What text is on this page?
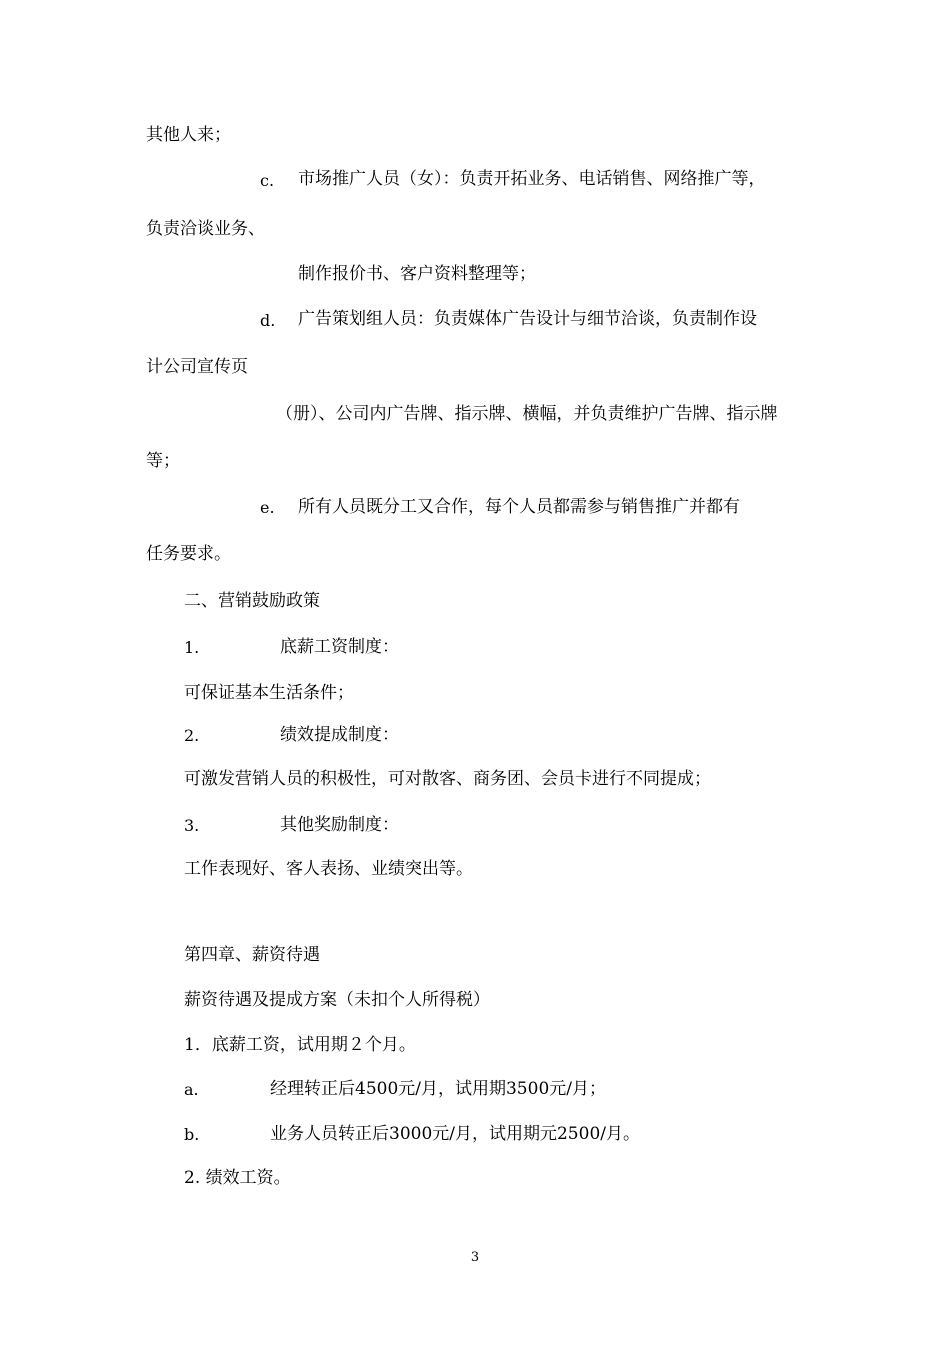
其他人来；
c. 市场推广人员（女）：负责开拓业务、电话销售、网络推广等，
负责洽谈业务、
制作报价书、客户资料整理等；
d. 广告策划组人员：负责媒体广告设计与细节洽谈，负责制作设
计公司宣传页
（册）、公司内广告牌、指示牌、横幅，并负责维护广告牌、指示牌
等；
e. 所有人员既分工又合作，每个人员都需参与销售推广并都有
任务要求。
二、营销鼓励政策
1.	底薪工资制度：
可保证基本生活条件；
2.	绩效提成制度：
可激发营销人员的积极性，可对散客、商务团、会员卡进行不同提成；
3.	其他奖励制度：
工作表现好、客人表扬、业绩突出等。
第四章、薪资待遇
薪资待遇及提成方案（未扣个人所得税）
1．底薪工资，试用期２个月。
a.	经理转正后4500元/月，试用期3500元/月；
b.	业务人员转正后3000元/月，试用期元2500/月。
2. 绩效工资。
3
